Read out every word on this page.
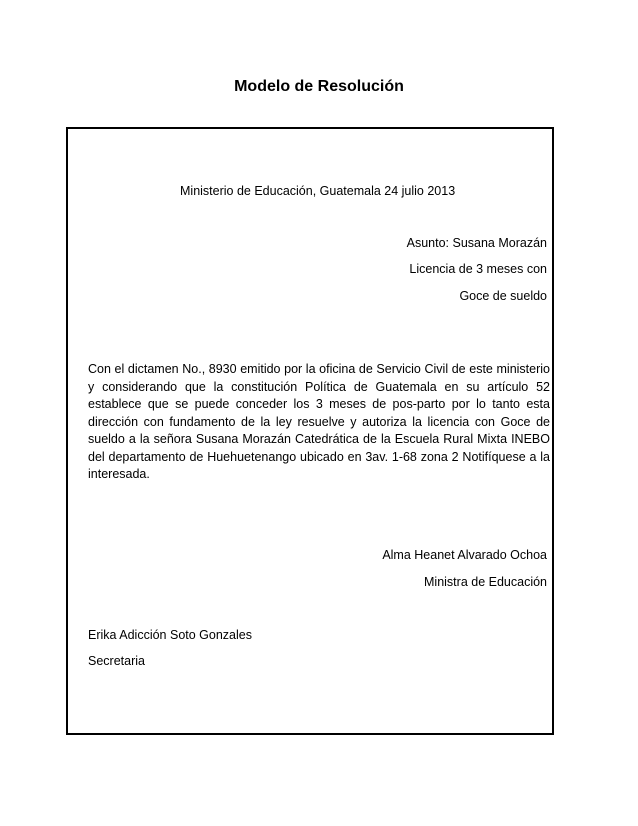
Modelo de Resolución

Ministerio de Educación, Guatemala 24 julio 2013

Asunto: Susana Morazán

Licencia de 3 meses con

Goce de sueldo

Con el dictamen No., 8930 emitido por la oficina de Servicio Civil de este ministerio y considerando que la constitución Política de Guatemala en su artículo 52 establece que se puede conceder los 3 meses de pos-parto por lo tanto esta dirección con fundamento de la ley resuelve y autoriza la licencia con Goce de sueldo a la señora Susana Morazán Catedrática de la Escuela Rural Mixta INEBO del departamento de Huehuetenango ubicado en 3av. 1-68 zona 2 Notifíquese a la interesada.

Alma Heanet Alvarado Ochoa

Ministra de Educación

Erika Adicción Soto Gonzales

Secretaria
